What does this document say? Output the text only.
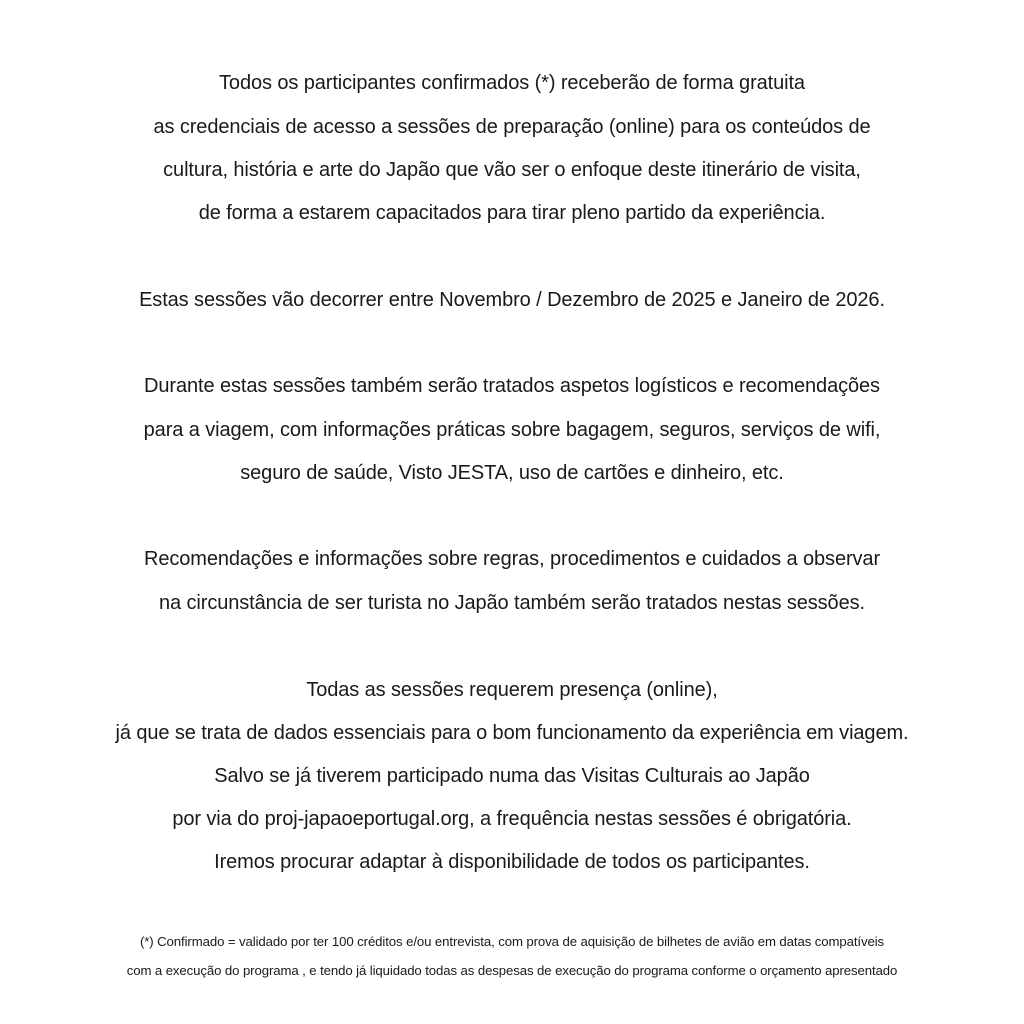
Todos os participantes confirmados (*) receberão de forma gratuita
as credenciais de acesso a sessões de preparação (online) para os conteúdos de
cultura, história e arte do Japão que vão ser o enfoque deste itinerário de visita,
de forma a estarem capacitados para tirar pleno partido da experiência.
Estas sessões vão decorrer entre Novembro / Dezembro de 2025 e Janeiro de 2026.
Durante estas sessões também serão tratados aspetos logísticos e recomendações
para a viagem, com informações práticas sobre bagagem, seguros, serviços de wifi,
seguro de saúde, Visto JESTA, uso de cartões e dinheiro, etc.
Recomendações e informações sobre regras, procedimentos e cuidados a observar
na circunstância de ser turista no Japão também serão tratados nestas sessões.
Todas as sessões requerem presença (online),
já que se trata de dados essenciais para o bom funcionamento da experiência em viagem.
Salvo se já tiverem participado numa das Visitas Culturais ao Japão
por via do proj-japaoeportugal.org, a frequência nestas sessões é obrigatória.
Iremos procurar adaptar à disponibilidade de todos os participantes.
(*) Confirmado = validado por ter 100 créditos e/ou entrevista, com prova de aquisição de bilhetes de avião em datas compatíveis
com a execução do programa , e tendo já liquidado todas as despesas de execução do programa conforme o orçamento apresentado
